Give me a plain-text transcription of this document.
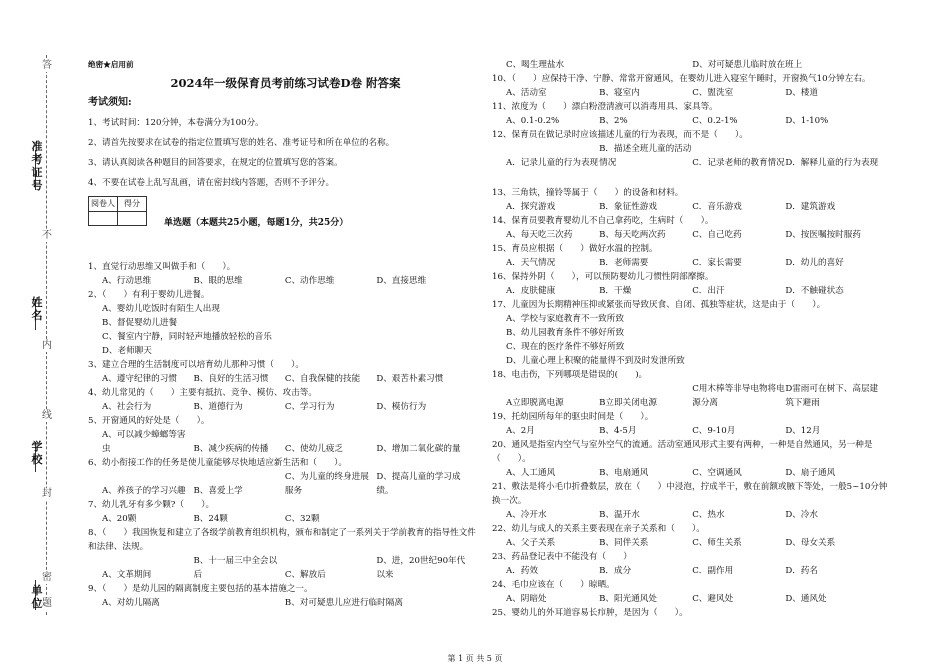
准考证号
姓名
学校
单位
答
不
内
线
封
密
题
绝密★启用前
2024年一级保育员考前练习试卷D卷 附答案
考试须知:
1、考试时间：120分钟，本卷满分为100分。
2、请首先按要求在试卷的指定位置填写您的姓名、准考证号和所在单位的名称。
3、请认真阅读各种题目的回答要求，在规定的位置填写您的答案。
4、不要在试卷上乱写乱画，请在密封线内答题，否则不予评分。
阅卷人	得分

单选题（本题共25小题，每题1分，共25分）
1、直觉行动思维又叫做手和（　　）。
A、行动思维	B、眼的思维	C、动作思维	D、直接思维
2、（　　）有利于婴幼儿进餐。
A、婴幼儿吃饭时有陌生人出现B、督促婴幼儿进餐C、餐室内宁静，同时轻声地播放轻松的音乐D、老师聊天
3、建立合理的生活制度可以培育幼儿那种习惯（　　）。
A、遵守纪律的习惯 B、良好的生活习惯 C、自我保健的技能 D、艰苦朴素习惯
4、幼儿常见的（　　）主要有抵抗、竞争、模仿、攻击等。
A、社会行为	B、道德行为	C、学习行为	D、模仿行为
5、开窗通风的好处是（　　）。
A、可以减少蟑螂等害虫	B、减少疾病的传播 C、使幼儿疲乏	D、增加二氧化碳的量
6、幼小衔接工作的任务是使儿童能够尽快地适应新生活和（　　）。
A、养孩子的学习兴趣 B、喜爱上学C、为儿童的终身进展服务D、提高儿童的学习成绩。
7、幼儿乳牙有多少颗?（　　）。
A、20颗	B、24颗	C、32颗
8、（　　）我国恢复和建立了各级学前教育组织机构，颁布和制定了一系列关于学前教育的指导性文件和法律、法规。
A、文革期间B、十一届三中全会以后	C、解放后D、进，20世纪90年代以来
9、（　　）是幼儿园的隔离制度主要包括的基本措施之一。
A、对幼儿隔离	B、对可疑患儿应进行临时隔离
C、喝生理盐水	D、对可疑患儿临时放在班上
10、（　　）应保持干净、宁静、常常开窗通风，在婴幼儿进入寝室午睡时，开窗换气10分钟左右。
A、活动室	B、寝室内	C、盥洗室	D、楼道
11、浓度为（　　）漂白粉澄清液可以消毒用具、家具等。
A、0.1-0.2%	B、2%	C、0.2-1%	D、1-10%
12、保育员在做记录时应该描述儿童的行为表现，而不是（　　）。
A．记录儿童的行为表现B．描述全班儿童的活动情况	C．记录老师的教育情况D．解释儿童的行为表现
13、三角铁，撞铃等属于（　　）的设备和材料。
A．探究游戏	B．象征性游戏	C．音乐游戏	D．建筑游戏
14、保育员要教育婴幼儿不自己拿药吃，生病时（　　）。
A、每天吃三次药	B、每天吃两次药	C、自己吃药	D、按医嘱按时服药
15、育员应根据（　　）做好水温的控制。
A．天气情况	B．老师需要	C．家长需要	D．幼儿的喜好
16、保持外阴（　　），可以预防婴幼儿刁惯性阴部摩擦。
A．皮肤健康	B．干燥	C．出汗	D．不触碰状态
17、儿童因为长期精神压抑或紧张而导致厌食、自闭、孤独等症状，这是由于（　　）。
A、学校与家庭教育不一致所致B、幼儿园教育条件不够好所致C、现在的医疗条件不够好所致D、儿童心理上积聚的能量得不到及时发泄所致
18、电击伤，下列哪项是错误的(　　)。
A立即脱离电源	B立即关闭电源C用木棒等非导电物将电源分离D雷雨可在树下、高层建筑下避雨
19、托幼园所每年的驱虫时间是（　　）。
A、2月	B、4-5月	C、9-10月	D、12月
20、通风是指室内空气与室外空气的流通。活动室通风形式主要有两种，一种是自然通风，另一种是（　　）。
A、人工通风	B、电扇通风	C、空调通风	D、扇子通风
21、敷法是将小毛巾折叠数层，放在（　　）中浸泡，拧成半干，敷在前额或腋下等处，一般5~10分钟换一次。
A、冷开水	B、温开水	C、热水	D、冷水
22、幼儿与成人的关系主要表现在亲子关系和（　　）。
A、父子关系	B、同伴关系	C、师生关系	D、母女关系
23、药品登记表中不能没有（　　）
A．药效	B．成分	C．副作用	D．药名
24、毛巾应该在（　　）晾晒。
A、阴暗处	B、阳光通风处	C、避风处	D、通风处
25、婴幼儿的外耳道容易长疖肿，是因为（　　）。
第 1 页 共 5 页
